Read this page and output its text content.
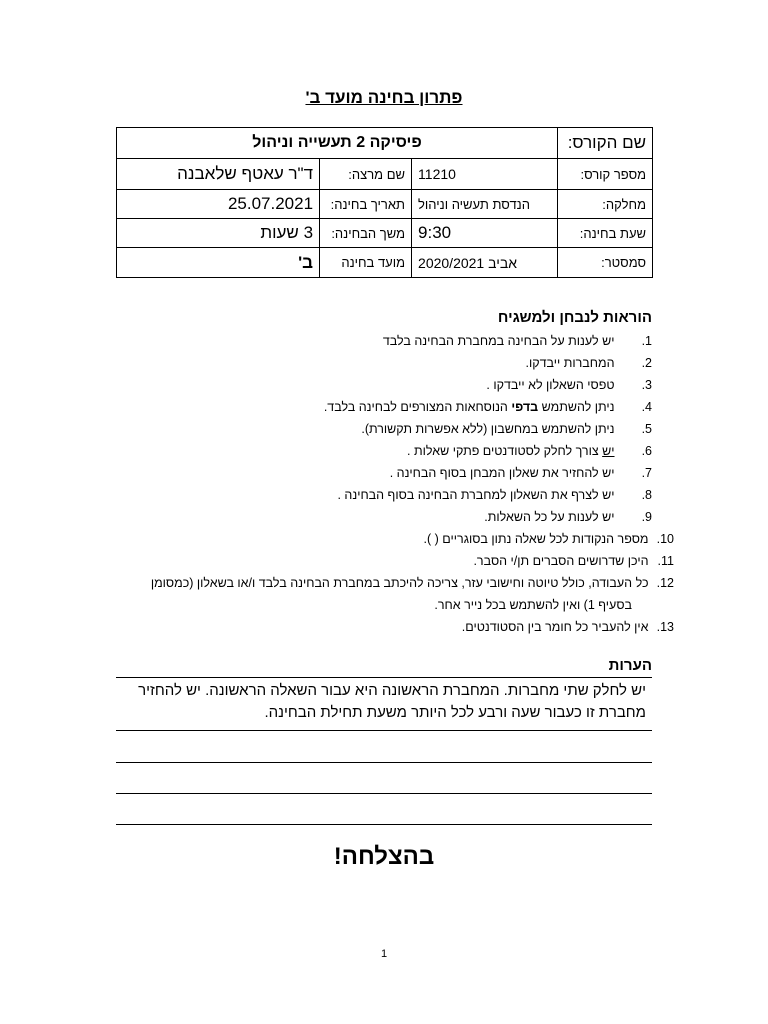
פתרון בחינה מועד ב'
שם הקורס:	פיסיקה 2 תעשייה וניהול		
מספר קורס:	11210	שם מרצה:	ד"ר עאטף שלאבנה
מחלקה:	הנדסת תעשיה וניהול	תאריך בחינה:	25.07.2021
שעת בחינה:	9:30	משך הבחינה:	3 שעות
סמסטר:	אביב 2020/2021	מועד בחינה	ב'
הוראות לנבחן ולמשגיח
1. יש לענות על הבחינה במחברת הבחינה בלבד
2. המחברות ייבדקו.
3. טפסי השאלון לא ייבדקו .
4. ניתן להשתמש בדפי הנוסחאות המצורפים לבחינה בלבד.
5. ניתן להשתמש במחשבון (ללא אפשרות תקשורת).
6. יש צורך לחלק לסטודנטים פתקי שאלות .
7. יש להחזיר את שאלון המבחן בסוף הבחינה .
8. יש לצרף את השאלון למחברת הבחינה בסוף הבחינה .
9. יש לענות על כל השאלות.
10. מספר הנקודות לכל שאלה נתון בסוגריים ( ).
11. היכן שדרושים הסברים תן/י הסבר.
12. כל העבודה, כולל טיוטה וחישובי עזר, צריכה להיכתב במחברת הבחינה בלבד ו/או בשאלון (כמסומן
בסעיף 1) ואין להשתמש בכל נייר אחר.
13. אין להעביר כל חומר בין הסטודנטים.
הערות
יש לחלק שתי מחברות. המחברת הראשונה היא עבור השאלה הראשונה. יש להחזיר מחברת זו כעבור שעה ורבע לכל היותר משעת תחילת הבחינה.
בהצלחה!
1
